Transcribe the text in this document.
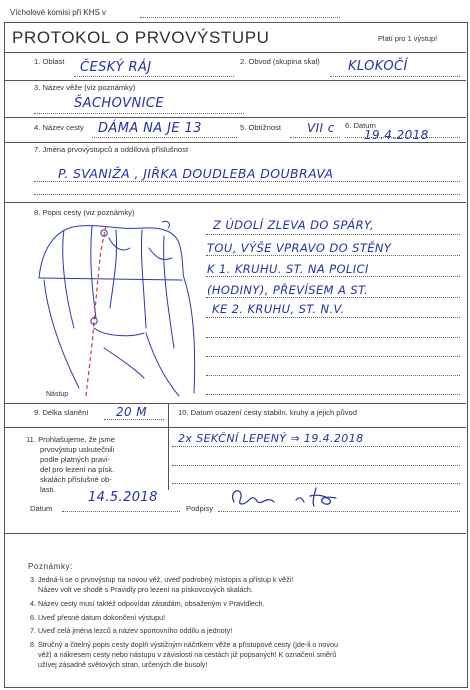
Vícholové komisi při KHS v
PROTOKOL O PRVOVÝSTUPU	Platí pro 1 výstup!
1. Oblast ČESKÝ RÁJ	2. Obvod (skupina skal) KLOKOČÍ
3. Název věže (viz poznámky)
ŠACHOVNICE
4. Název cesty DÁMA NA JE 13	5. Obtížnost VII c 6. Datum
19.4.2018
7. Jména prvovýstupců a oddílová příslušnost
P. SVANIŽA , JIŘKA DOUDLEBA DOUBRAVA
8. Popis cesty (viz poznámky)
Nástup
Z ÚDOLÍ ZLEVA DO SPÁRY,
TOU, VÝŠE VPRAVO DO STĚNY
K 1. KRUHU. ST. NA POLICI
(HODINY), PŘEVÍSEM A ST.
KE 2. KRUHU, ST. N.V.
9. Délka slanění 20 M	10. Datum osazení cesty stabiln. kruhy a jejich původ
11. Prohlašujeme, že jsme
prvovýstup uskutečnili
podle platných pravi-
del pro lezení na písk.
skalách příslušné ob-
lasti.
2x SEKČNÍ LEPENÝ ⇒ 19.4.2018
Datum
14.5.2018
Podpisy
Poznámky:
3. Jedná-li se o prvovýstup na novou věž, uveď podrobný místopis a přístup k věži!
Název volt ve shodě s Pravidly pro lezení na pískovcových skalách.
4. Název cesty musí taktéž odpovídat zásadám, obsaženým v Pravidlech.
6. Uveď přesné datum dokončení výstupu!
7. Uveď celá jména lezců a název sportovního oddílu a jednoty!
8. Stručný a čitelný popis cesty doplň výstižným náčrtkem věže a přístupové cesty (jde-li o novou
věž) a nákresem cesty nebo nástupu v závislosti na cestách již popsaných! K označení směrů
užívej zásadně světových stran, určených dle busoly!
